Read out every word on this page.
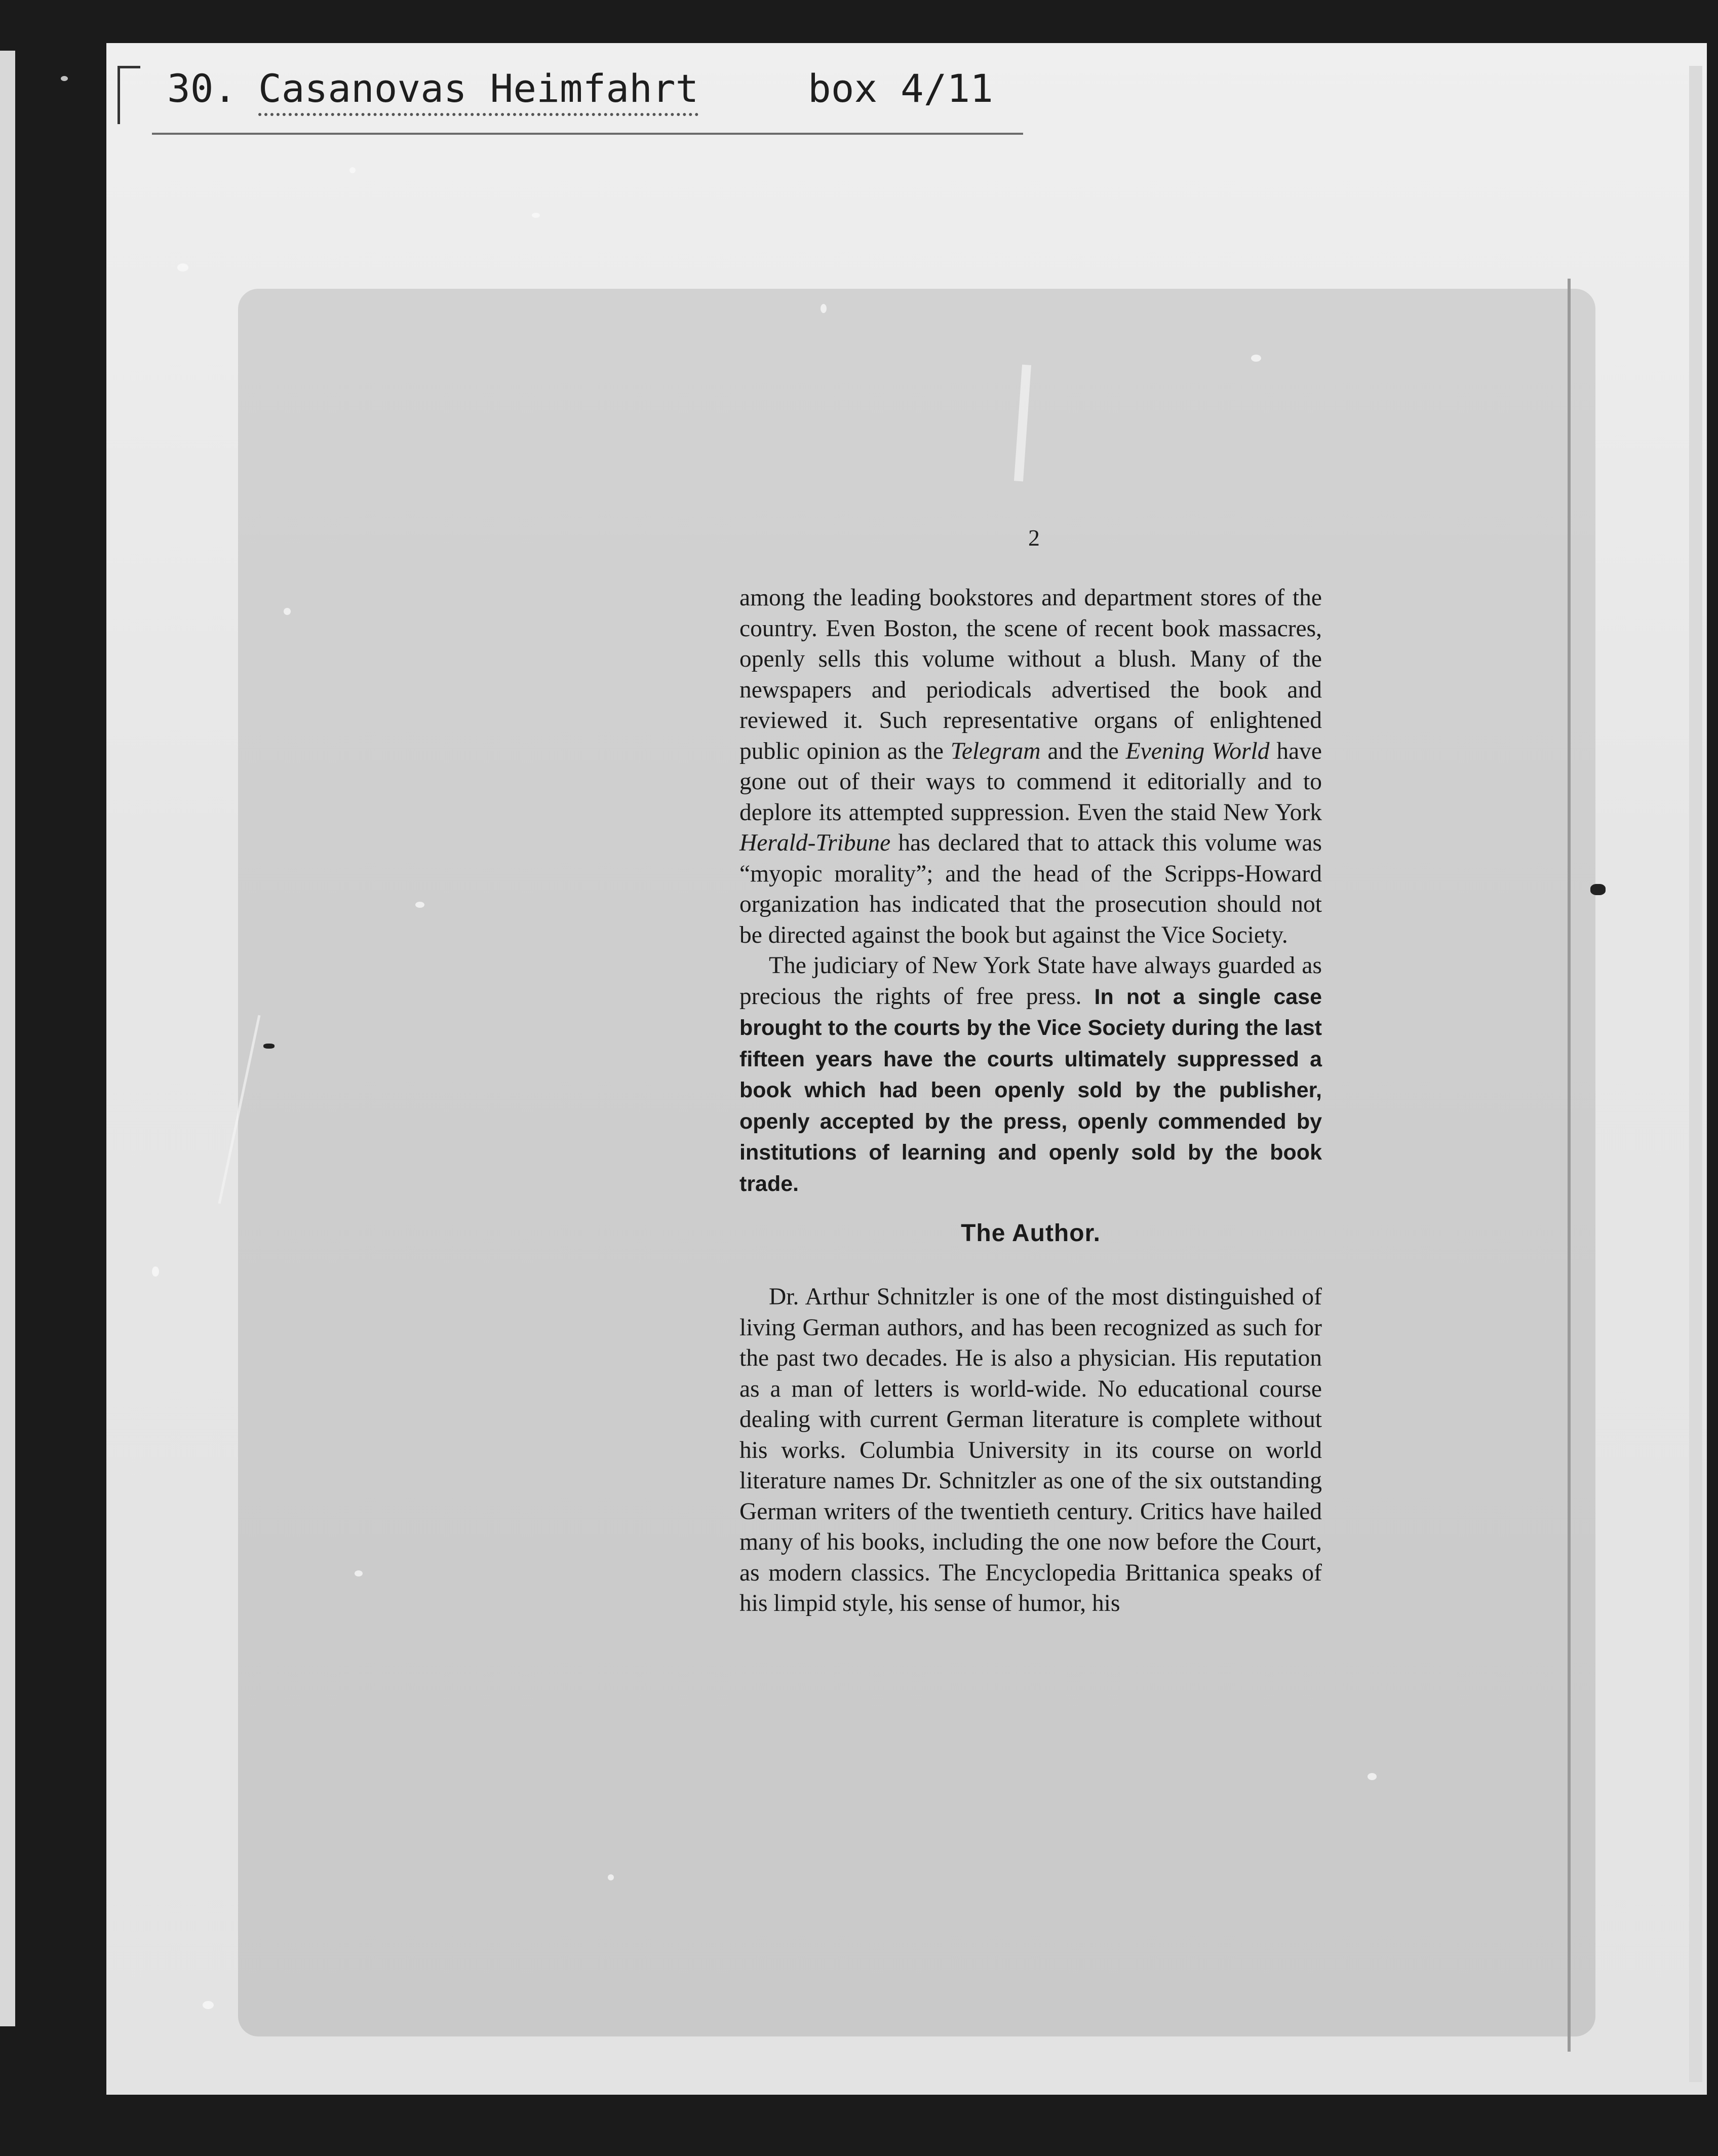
30. Casanovas Heimfahrt	box 4/11
2

among the leading bookstores and department stores of the country. Even Boston, the scene of recent book massacres, openly sells this volume without a blush. Many of the newspapers and periodicals advertised the book and reviewed it. Such representative organs of enlightened public opinion as the Telegram and the Evening World have gone out of their ways to commend it editorially and to deplore its attempted suppression. Even the staid New York Herald-Tribune has declared that to attack this volume was “myopic morality”; and the head of the Scripps-Howard organization has indicated that the prosecution should not be directed against the book but against the Vice Society.

The judiciary of New York State have always guarded as precious the rights of free press. In not a single case brought to the courts by the Vice Society during the last fifteen years have the courts ultimately suppressed a book which had been openly sold by the publisher, openly accepted by the press, openly commended by institutions of learning and openly sold by the book trade.

The Author.

Dr. Arthur Schnitzler is one of the most distinguished of living German authors, and has been recognized as such for the past two decades. He is also a physician. His reputation as a man of letters is world-wide. No educational course dealing with current German literature is complete without his works. Columbia University in its course on world literature names Dr. Schnitzler as one of the six outstanding German writers of the twentieth century. Critics have hailed many of his books, including the one now before the Court, as modern classics. The Encyclopedia Brittanica speaks of his limpid style, his sense of humor, his
